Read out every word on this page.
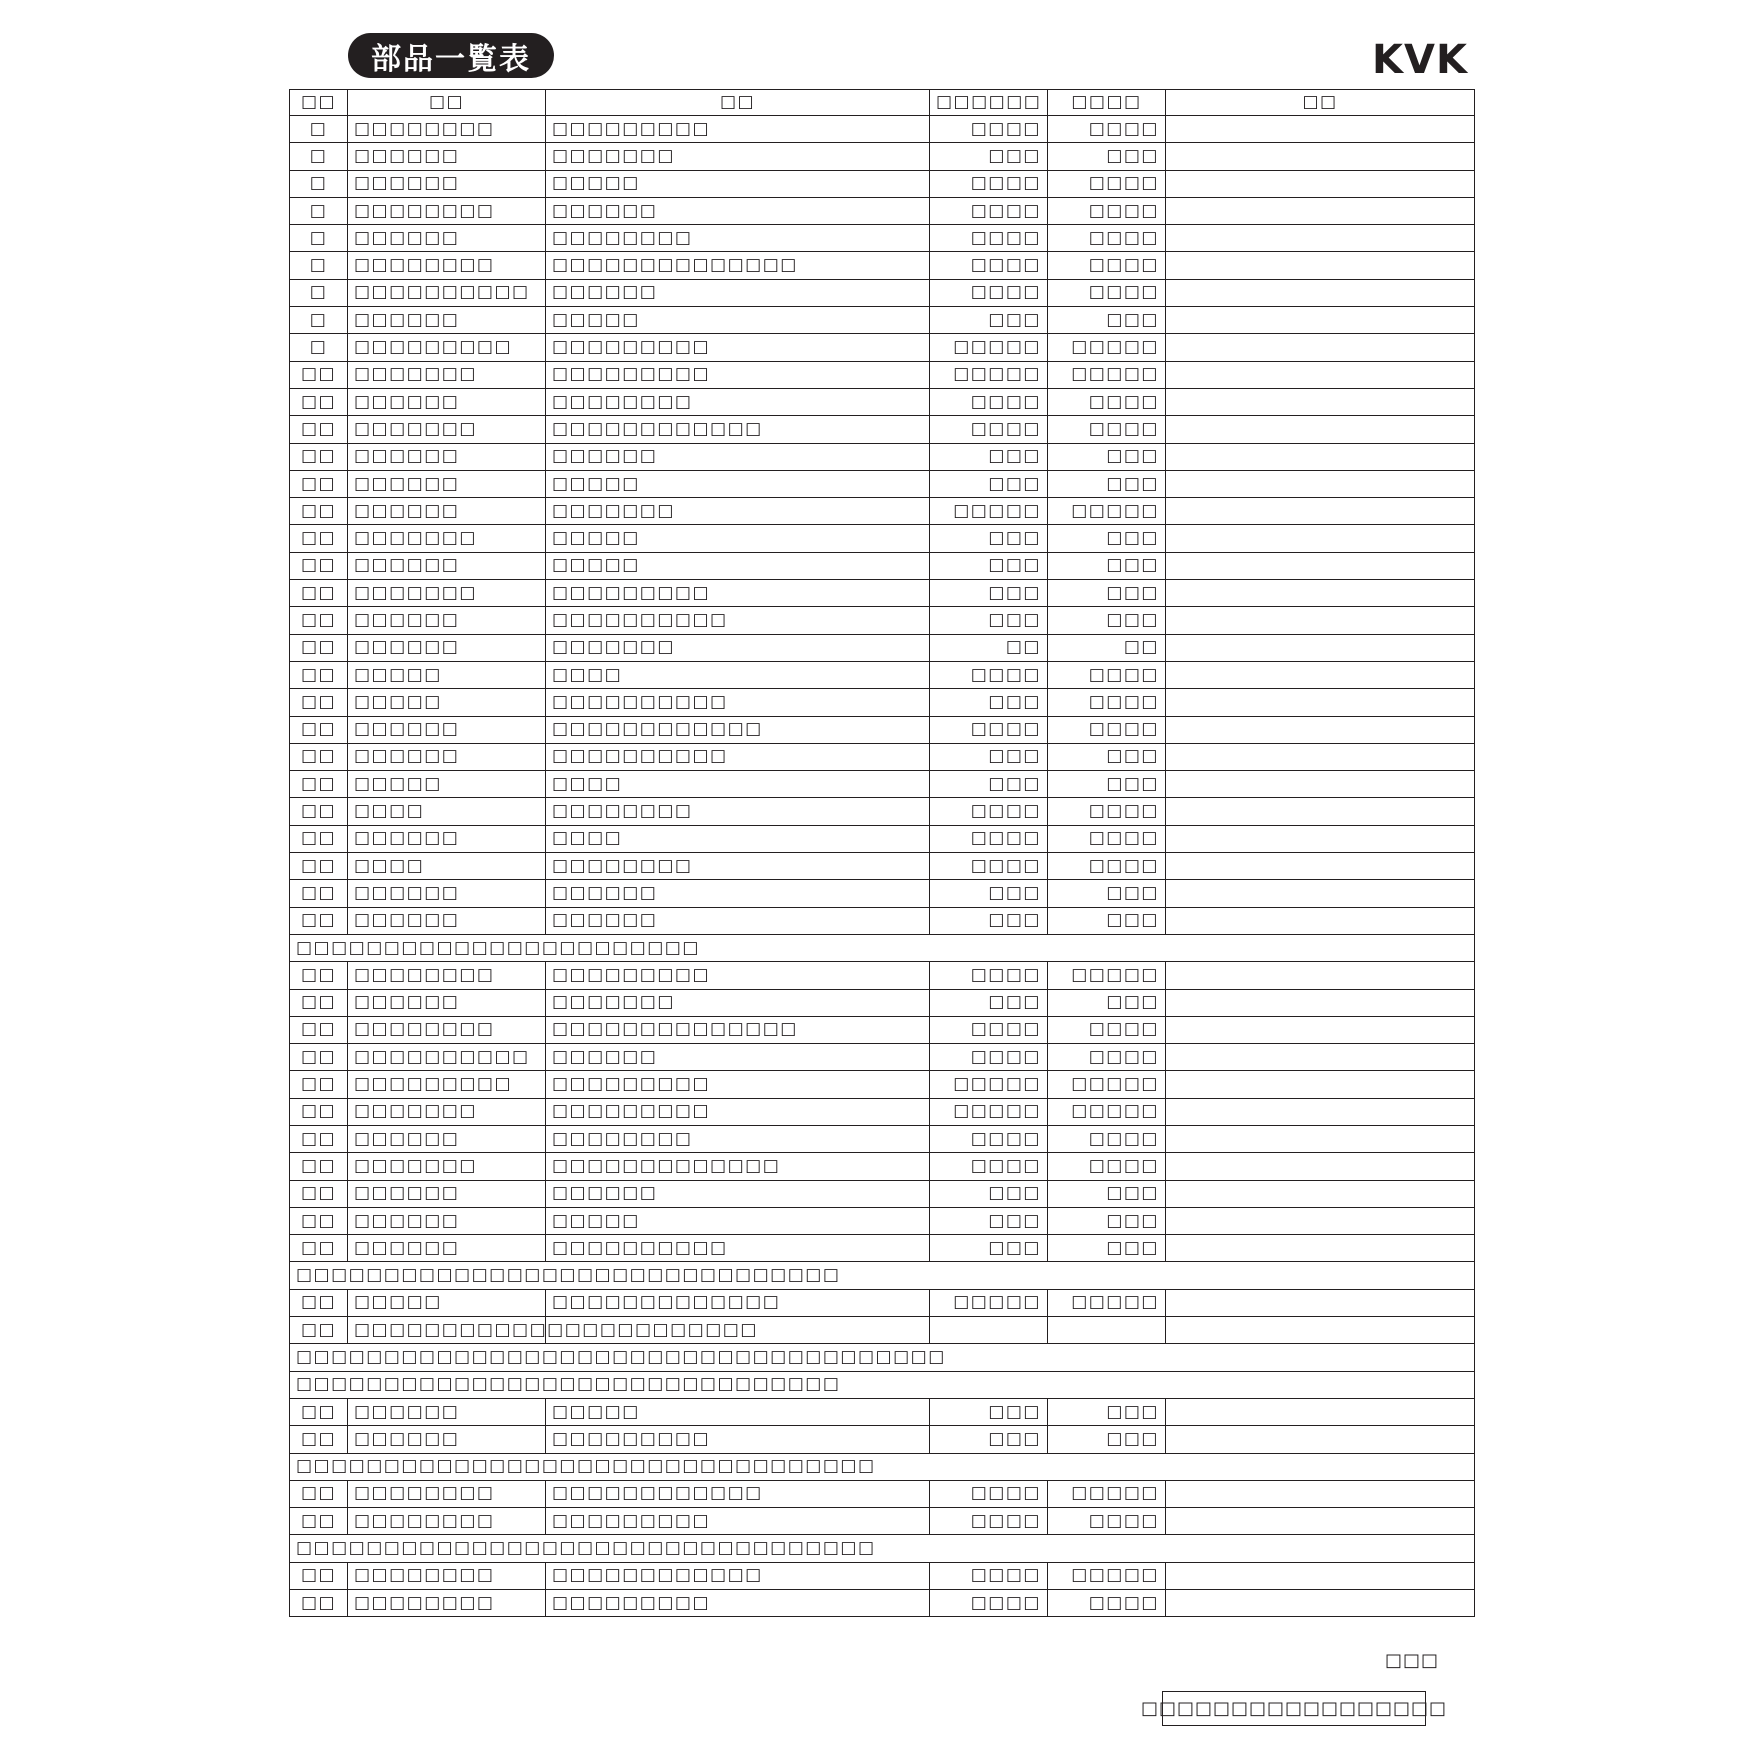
部品一覧表	KVK
□□	□□	□□	□□□□□□	□□□□	□□
□	□□□□□□□□	□□□□□□□□□	□□□□	□□□□	
□	□□□□□□	□□□□□□□	□□□	□□□	
□	□□□□□□	□□□□□	□□□□	□□□□	
□	□□□□□□□□	□□□□□□	□□□□	□□□□	
□	□□□□□□	□□□□□□□□	□□□□	□□□□	
□	□□□□□□□□	□□□□□□□□□□□□□□	□□□□	□□□□	
□	□□□□□□□□□□	□□□□□□	□□□□	□□□□	
□	□□□□□□	□□□□□	□□□	□□□	
□	□□□□□□□□□	□□□□□□□□□	□□□□□	□□□□□	
□□	□□□□□□□	□□□□□□□□□	□□□□□	□□□□□	
□□	□□□□□□	□□□□□□□□	□□□□	□□□□	
□□	□□□□□□□	□□□□□□□□□□□□	□□□□	□□□□	
□□	□□□□□□	□□□□□□	□□□	□□□	
□□	□□□□□□	□□□□□	□□□	□□□	
□□	□□□□□□	□□□□□□□	□□□□□	□□□□□	
□□	□□□□□□□	□□□□□	□□□	□□□	
□□	□□□□□□	□□□□□	□□□	□□□	
□□	□□□□□□□	□□□□□□□□□	□□□	□□□	
□□	□□□□□□	□□□□□□□□□□	□□□	□□□	
□□	□□□□□□	□□□□□□□	□□	□□	
□□	□□□□□	□□□□	□□□□	□□□□	
□□	□□□□□	□□□□□□□□□□	□□□	□□□□	
□□	□□□□□□	□□□□□□□□□□□□	□□□□	□□□□	
□□	□□□□□□	□□□□□□□□□□	□□□	□□□	
□□	□□□□□	□□□□	□□□	□□□	
□□	□□□□	□□□□□□□□	□□□□	□□□□	
□□	□□□□□□	□□□□	□□□□	□□□□	
□□	□□□□	□□□□□□□□	□□□□	□□□□	
□□	□□□□□□	□□□□□□	□□□	□□□	
□□	□□□□□□	□□□□□□	□□□	□□□	
□□□□□□□□□□□□□□□□□□□□□□□					
□□	□□□□□□□□	□□□□□□□□□	□□□□	□□□□□	
□□	□□□□□□	□□□□□□□	□□□	□□□	
□□	□□□□□□□□	□□□□□□□□□□□□□□	□□□□	□□□□	
□□	□□□□□□□□□□	□□□□□□	□□□□	□□□□	
□□	□□□□□□□□□	□□□□□□□□□	□□□□□	□□□□□	
□□	□□□□□□□	□□□□□□□□□	□□□□□	□□□□□	
□□	□□□□□□	□□□□□□□□	□□□□	□□□□	
□□	□□□□□□□	□□□□□□□□□□□□□	□□□□	□□□□	
□□	□□□□□□	□□□□□□	□□□	□□□	
□□	□□□□□□	□□□□□	□□□	□□□	
□□	□□□□□□	□□□□□□□□□□	□□□	□□□	
□□□□□□□□□□□□□□□□□□□□□□□□□□□□□□□					
□□	□□□□□	□□□□□□□□□□□□□	□□□□□	□□□□□	
□□	□□□□□□□□□□□□□□□□□□□□□□□				
□□□□□□□□□□□□□□□□□□□□□□□□□□□□□□□□□□□□□					
□□□□□□□□□□□□□□□□□□□□□□□□□□□□□□□					
□□	□□□□□□	□□□□□	□□□	□□□	
□□	□□□□□□	□□□□□□□□□	□□□	□□□	
□□□□□□□□□□□□□□□□□□□□□□□□□□□□□□□□□					
□□	□□□□□□□□	□□□□□□□□□□□□	□□□□	□□□□□	
□□	□□□□□□□□	□□□□□□□□□	□□□□	□□□□	
□□□□□□□□□□□□□□□□□□□□□□□□□□□□□□□□□					
□□	□□□□□□□□	□□□□□□□□□□□□	□□□□	□□□□□	
□□	□□□□□□□□	□□□□□□□□□	□□□□	□□□□	
□□□
□□□□□□□□□□□□□□□□□
